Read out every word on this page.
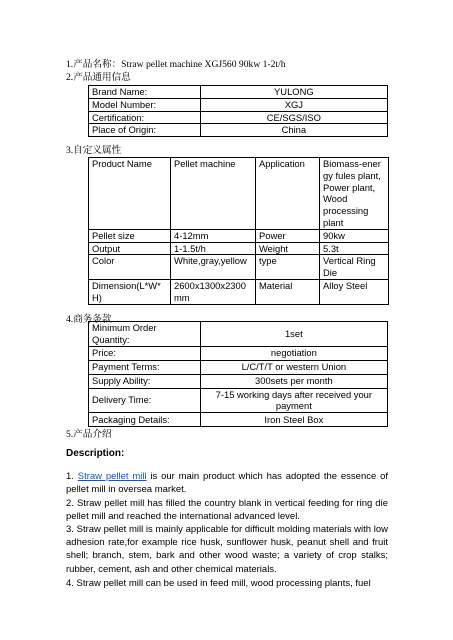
1.产品名称：Straw pellet machine XGJ560 90kw 1-2t/h
2.产品通用信息
Brand Name:	YULONG
Model Number:	XGJ
Certification:	CE/SGS/ISO
Place of Origin:	China
3.自定义属性
Product Name	Pellet machine	Application	Biomass-ener gy fules plant, Power plant, Wood processing plant
Pellet size	4-12mm	Power	90kw
Output	1-1.5t/h	Weight	5.3t
Color	White,gray,yellow	type	Vertical Ring Die
Dimension(L*W*H)	2600x1300x2300mm	Material	Alloy Steel
4.商务条款
Minimum Order Quantity:	1set
Price:	negotiation
Payment Terms:	L/C/T/T or western Union
Supply Ability:	300sets per month
Delivery Time:	7-15 working days after received your payment
Packaging Details:	Iron Steel Box
5.产品介绍
Description:
1. Straw pellet mill is our main product which has adopted the essence of pellet mill in oversea market.
2. Straw pellet mill has filled the country blank in vertical feeding for ring die pellet mill and reached the international advanced level.
3. Straw pellet mill is mainly applicable for difficult molding materials with low adhesion rate,for example rice husk, sunflower husk, peanut shell and fruit shell; branch, stem, bark and other wood waste; a variety of crop stalks; rubber, cement, ash and other chemical materials.
4. Straw pellet mill can be used in feed mill, wood processing plants, fuel
